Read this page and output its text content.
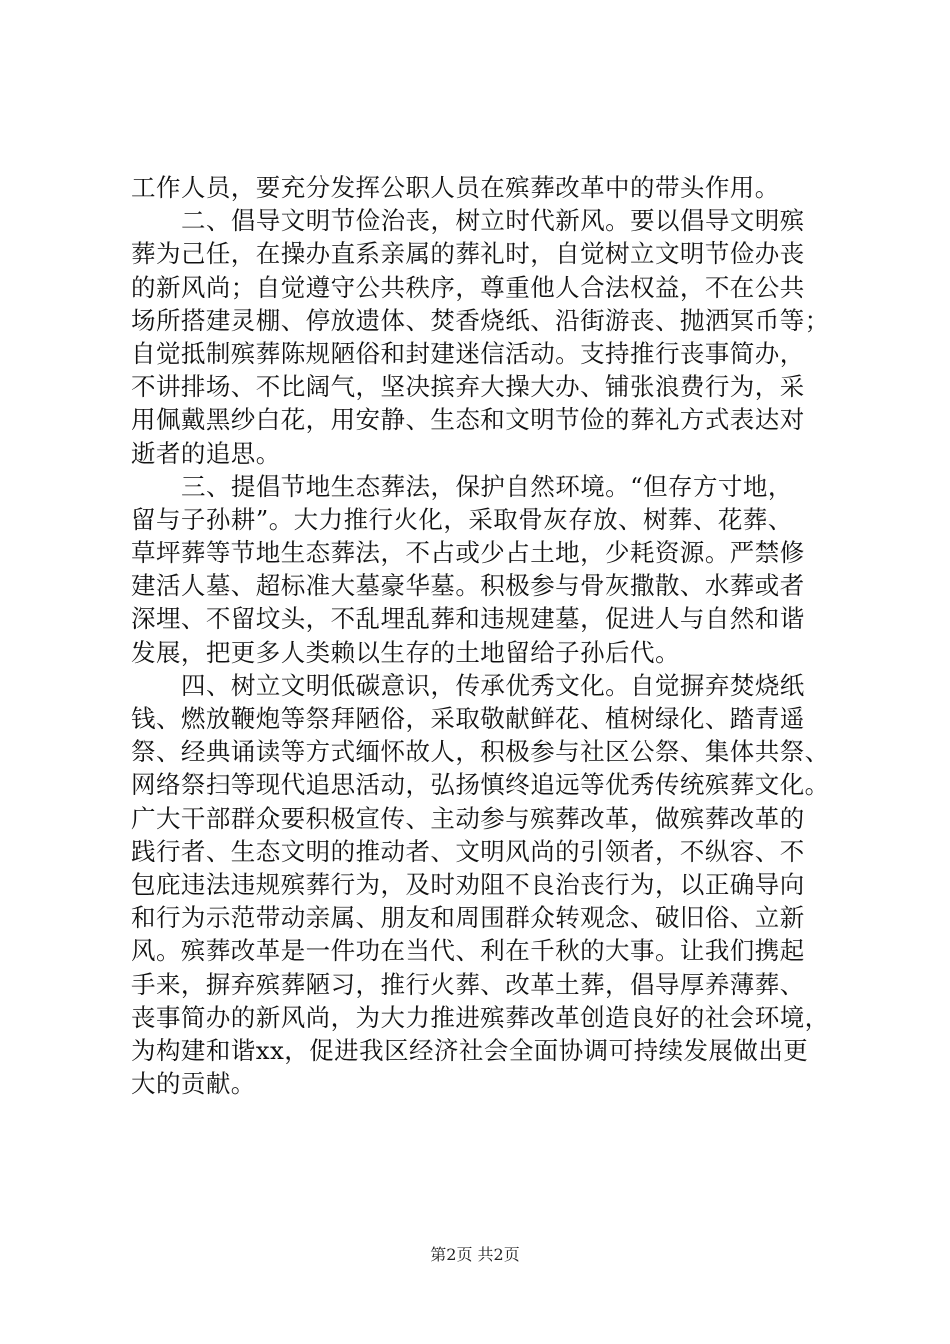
工作人员，要充分发挥公职人员在殡葬改革中的带头作用。
二、倡导文明节俭治丧，树立时代新风。要以倡导文明殡
葬为己任，在操办直系亲属的葬礼时，自觉树立文明节俭办丧
的新风尚；自觉遵守公共秩序，尊重他人合法权益，不在公共
场所搭建灵棚、停放遗体、焚香烧纸、沿街游丧、抛洒冥币等；
自觉抵制殡葬陈规陋俗和封建迷信活动。支持推行丧事简办，
不讲排场、不比阔气，坚决摈弃大操大办、铺张浪费行为，采
用佩戴黑纱白花，用安静、生态和文明节俭的葬礼方式表达对
逝者的追思。
三、提倡节地生态葬法，保护自然环境。“但存方寸地，
留与子孙耕”。大力推行火化，采取骨灰存放、树葬、花葬、
草坪葬等节地生态葬法，不占或少占土地，少耗资源。严禁修
建活人墓、超标准大墓豪华墓。积极参与骨灰撒散、水葬或者
深埋、不留坟头，不乱埋乱葬和违规建墓，促进人与自然和谐
发展，把更多人类赖以生存的土地留给子孙后代。
四、树立文明低碳意识，传承优秀文化。自觉摒弃焚烧纸
钱、燃放鞭炮等祭拜陋俗，采取敬献鲜花、植树绿化、踏青遥
祭、经典诵读等方式缅怀故人，积极参与社区公祭、集体共祭、
网络祭扫等现代追思活动，弘扬慎终追远等优秀传统殡葬文化。
广大干部群众要积极宣传、主动参与殡葬改革，做殡葬改革的
践行者、生态文明的推动者、文明风尚的引领者，不纵容、不
包庇违法违规殡葬行为，及时劝阻不良治丧行为，以正确导向
和行为示范带动亲属、朋友和周围群众转观念、破旧俗、立新
风。殡葬改革是一件功在当代、利在千秋的大事。让我们携起
手来，摒弃殡葬陋习，推行火葬、改革土葬，倡导厚养薄葬、
丧事简办的新风尚，为大力推进殡葬改革创造良好的社会环境，
为构建和谐xx，促进我区经济社会全面协调可持续发展做出更
大的贡献。
第2页 共2页
